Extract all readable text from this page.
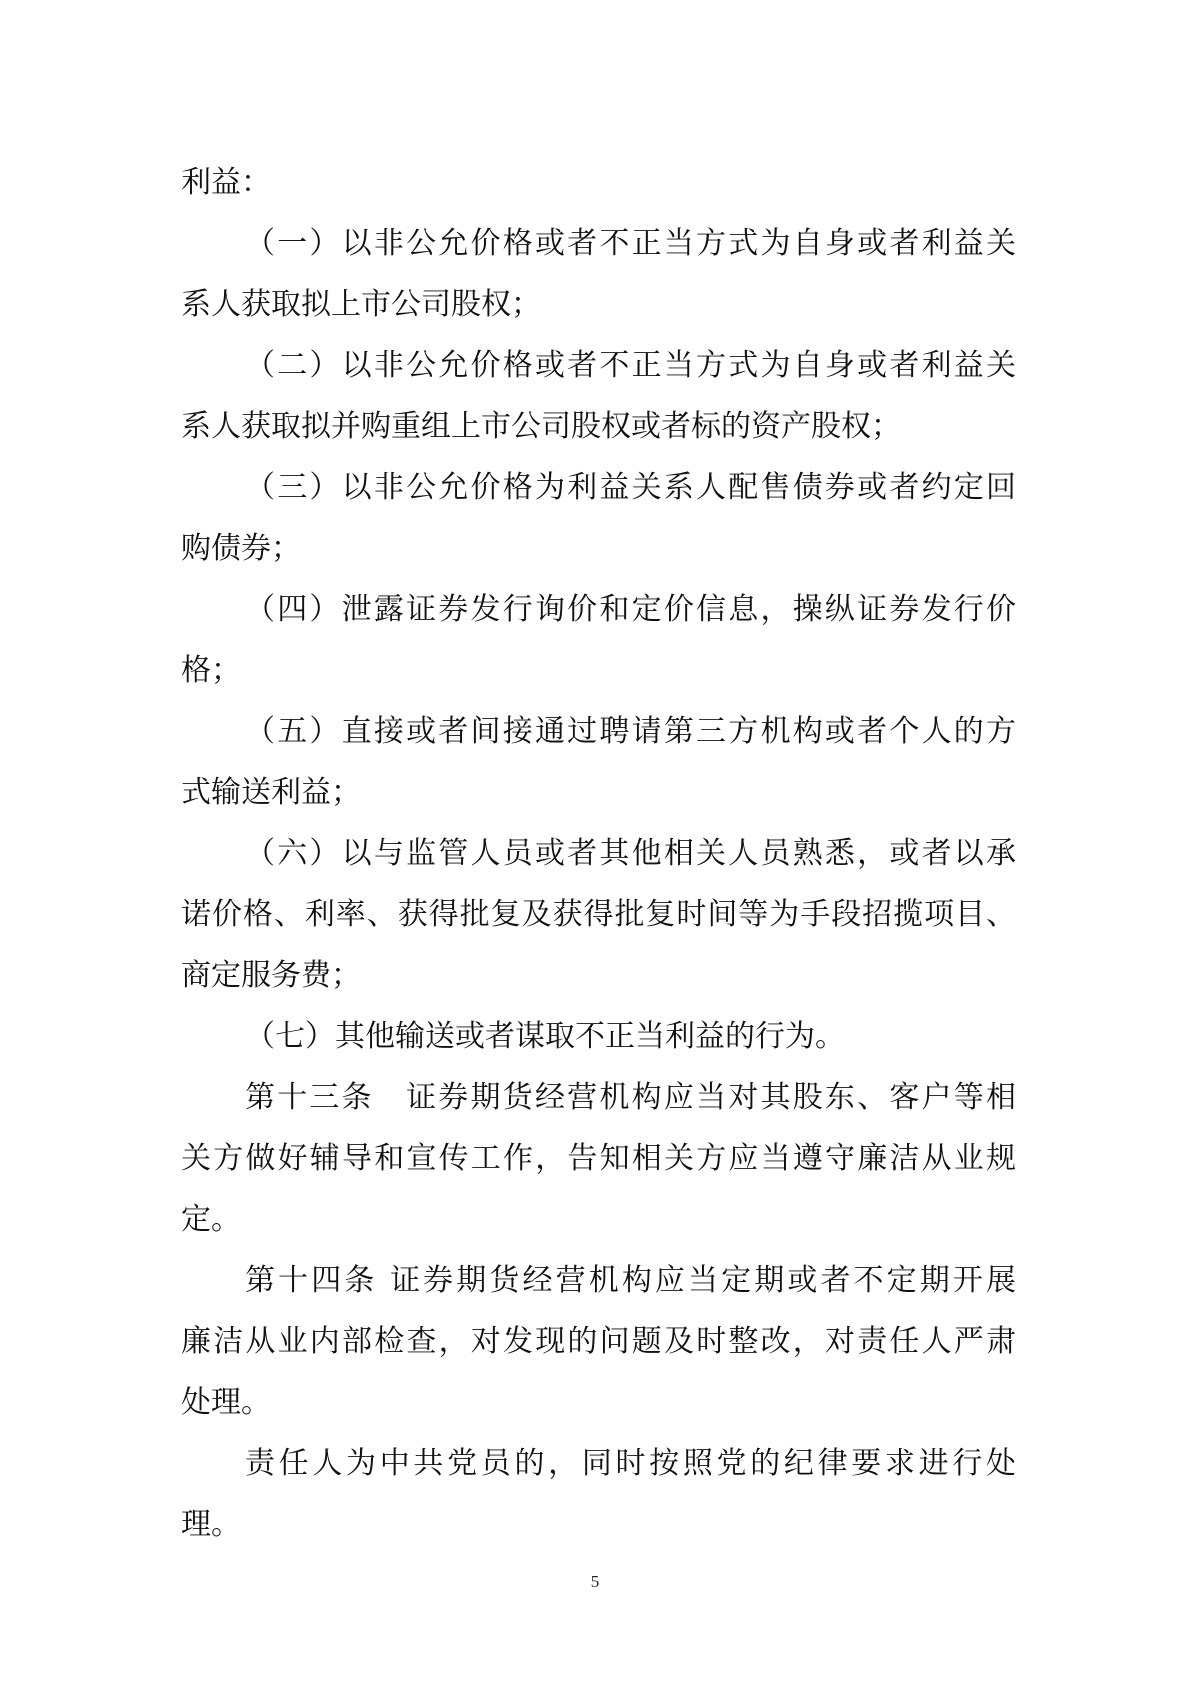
利益：
（一）以非公允价格或者不正当方式为自身或者利益关
系人获取拟上市公司股权；
（二）以非公允价格或者不正当方式为自身或者利益关
系人获取拟并购重组上市公司股权或者标的资产股权；
（三）以非公允价格为利益关系人配售债券或者约定回
购债券；
（四）泄露证券发行询价和定价信息，操纵证券发行价
格；
（五）直接或者间接通过聘请第三方机构或者个人的方
式输送利益；
（六）以与监管人员或者其他相关人员熟悉，或者以承
诺价格、利率、获得批复及获得批复时间等为手段招揽项目、
商定服务费；
（七）其他输送或者谋取不正当利益的行为。
第十三条　证券期货经营机构应当对其股东、客户等相
关方做好辅导和宣传工作，告知相关方应当遵守廉洁从业规
定。
第十四条 证券期货经营机构应当定期或者不定期开展
廉洁从业内部检查，对发现的问题及时整改，对责任人严肃
处理。
责任人为中共党员的，同时按照党的纪律要求进行处
理。
5
